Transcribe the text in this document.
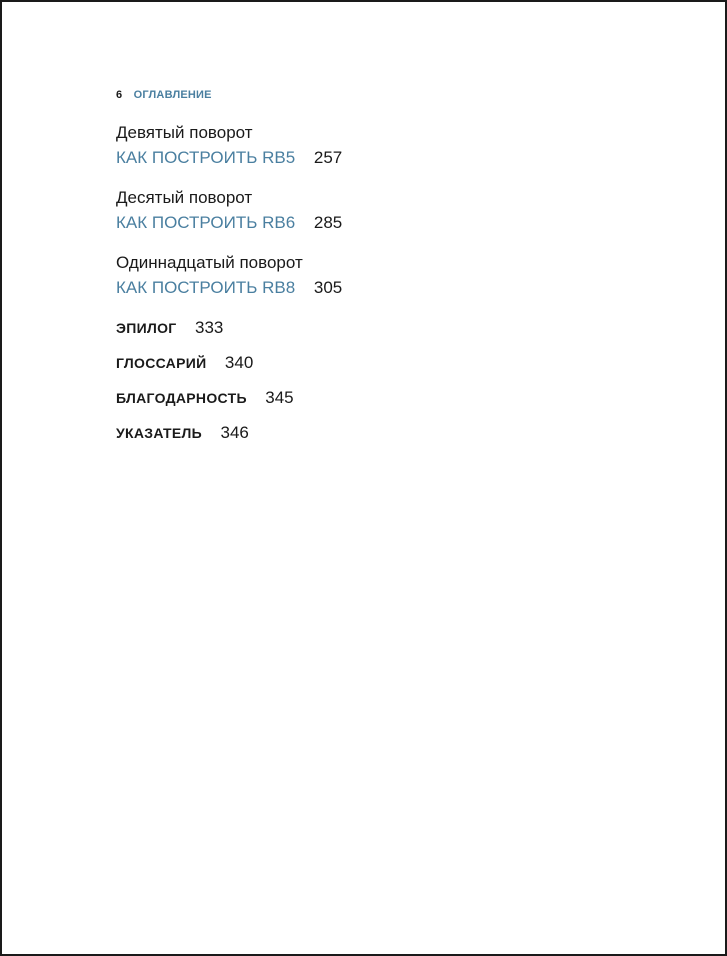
6 ОГЛАВЛЕНИЕ
Девятый поворот
КАК ПОСТРОИТЬ RB5 257
Десятый поворот
КАК ПОСТРОИТЬ RB6 285
Одиннадцатый поворот
КАК ПОСТРОИТЬ RB8 305
ЭПИЛОГ 333
ГЛОССАРИЙ 340
БЛАГОДАРНОСТЬ 345
УКАЗАТЕЛЬ 346
